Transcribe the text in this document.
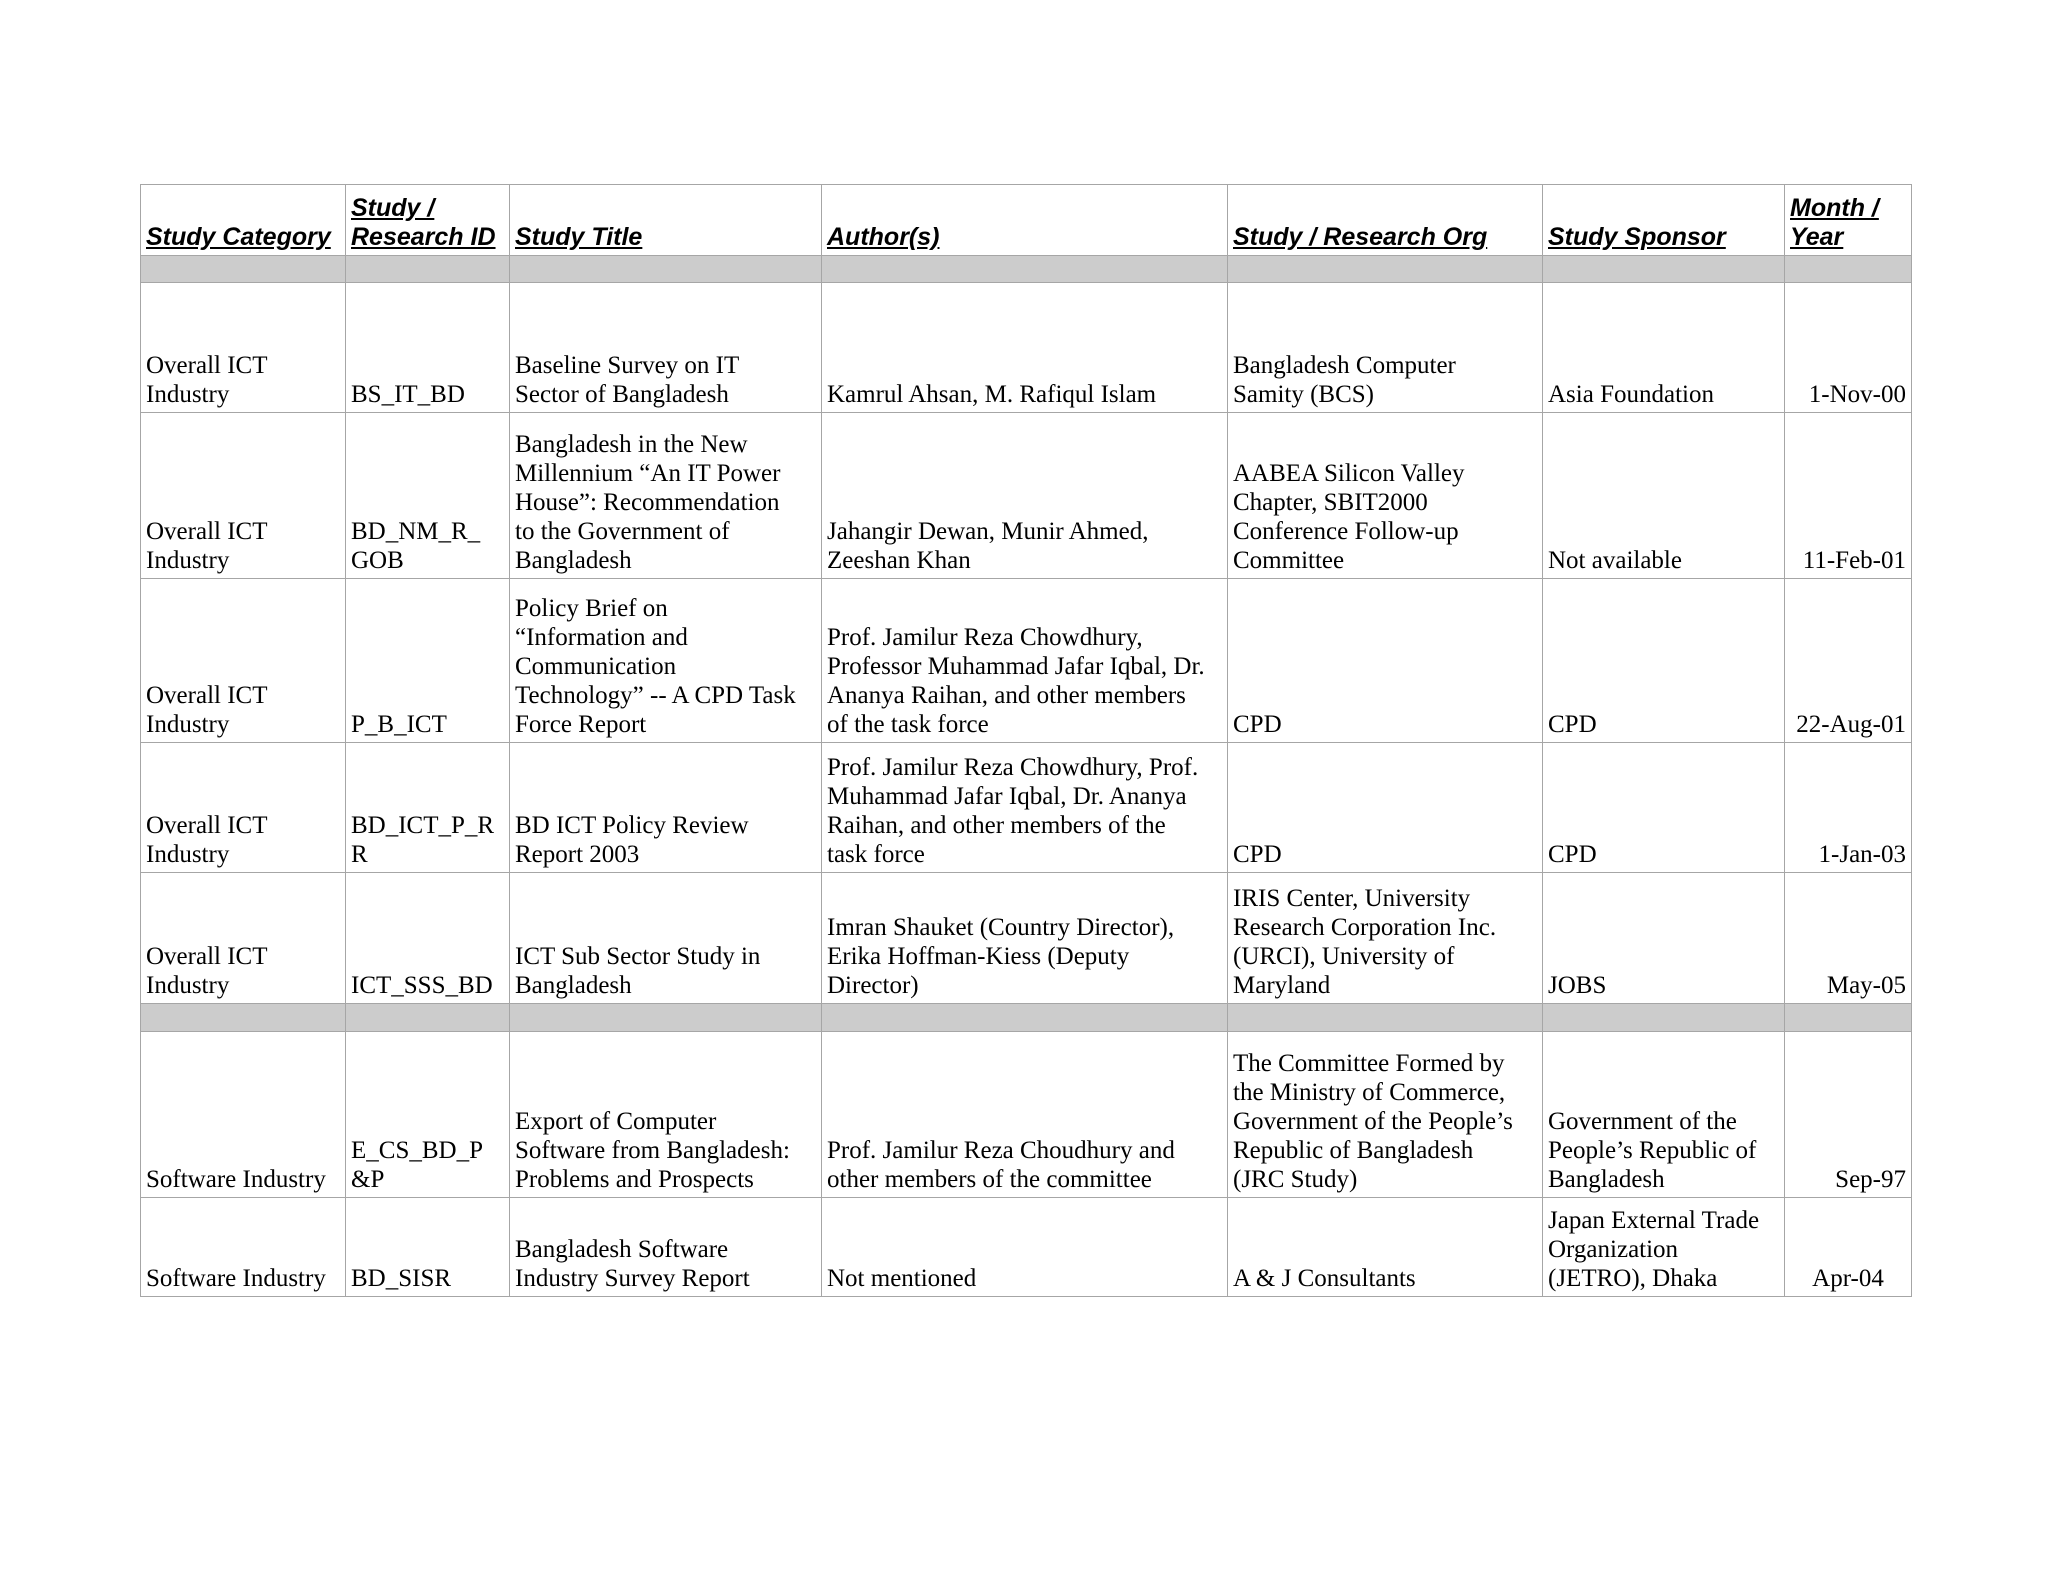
Study Category	Study / Research ID	Study Title	Author(s)	Study / Research Org	Study Sponsor	Month / Year

Overall ICT
Industry	BS_IT_BD	Baseline Survey on IT
Sector of Bangladesh	Kamrul Ahsan, M. Rafiqul Islam	Bangladesh Computer
Samity (BCS)	Asia Foundation	1-Nov-00
Overall ICT
Industry	BD_NM_R_
GOB	Bangladesh in the New
Millennium “An IT Power
House”: Recommendation
to the Government of
Bangladesh	Jahangir Dewan, Munir Ahmed,
Zeeshan Khan	AABEA Silicon Valley
Chapter, SBIT2000
Conference Follow-up
Committee	Not available	11-Feb-01
Overall ICT
Industry	P_B_ICT	Policy Brief on
“Information and
Communication
Technology” -- A CPD Task
Force Report	Prof. Jamilur Reza Chowdhury,
Professor Muhammad Jafar Iqbal, Dr.
Ananya Raihan, and other members
of the task force	CPD	CPD	22-Aug-01
Overall ICT
Industry	BD_ICT_P_R
R	BD ICT Policy Review
Report 2003	Prof. Jamilur Reza Chowdhury, Prof.
Muhammad Jafar Iqbal, Dr. Ananya
Raihan, and other members of the
task force	CPD	CPD	1-Jan-03
Overall ICT
Industry	ICT_SSS_BD	ICT Sub Sector Study in
Bangladesh	Imran Shauket (Country Director),
Erika Hoffman-Kiess (Deputy
Director)	IRIS Center, University
Research Corporation Inc.
(URCI), University of
Maryland	JOBS	May-05

Software Industry	E_CS_BD_P
&P	Export of Computer
Software from Bangladesh:
Problems and Prospects	Prof. Jamilur Reza Choudhury and
other members of the committee	The Committee Formed by
the Ministry of Commerce,
Government of the People’s
Republic of Bangladesh
(JRC Study)	Government of the
People’s Republic of
Bangladesh	Sep-97
Software Industry	BD_SISR	Bangladesh Software
Industry Survey Report	Not mentioned	A & J Consultants	Japan External Trade
Organization
(JETRO), Dhaka	Apr-04
